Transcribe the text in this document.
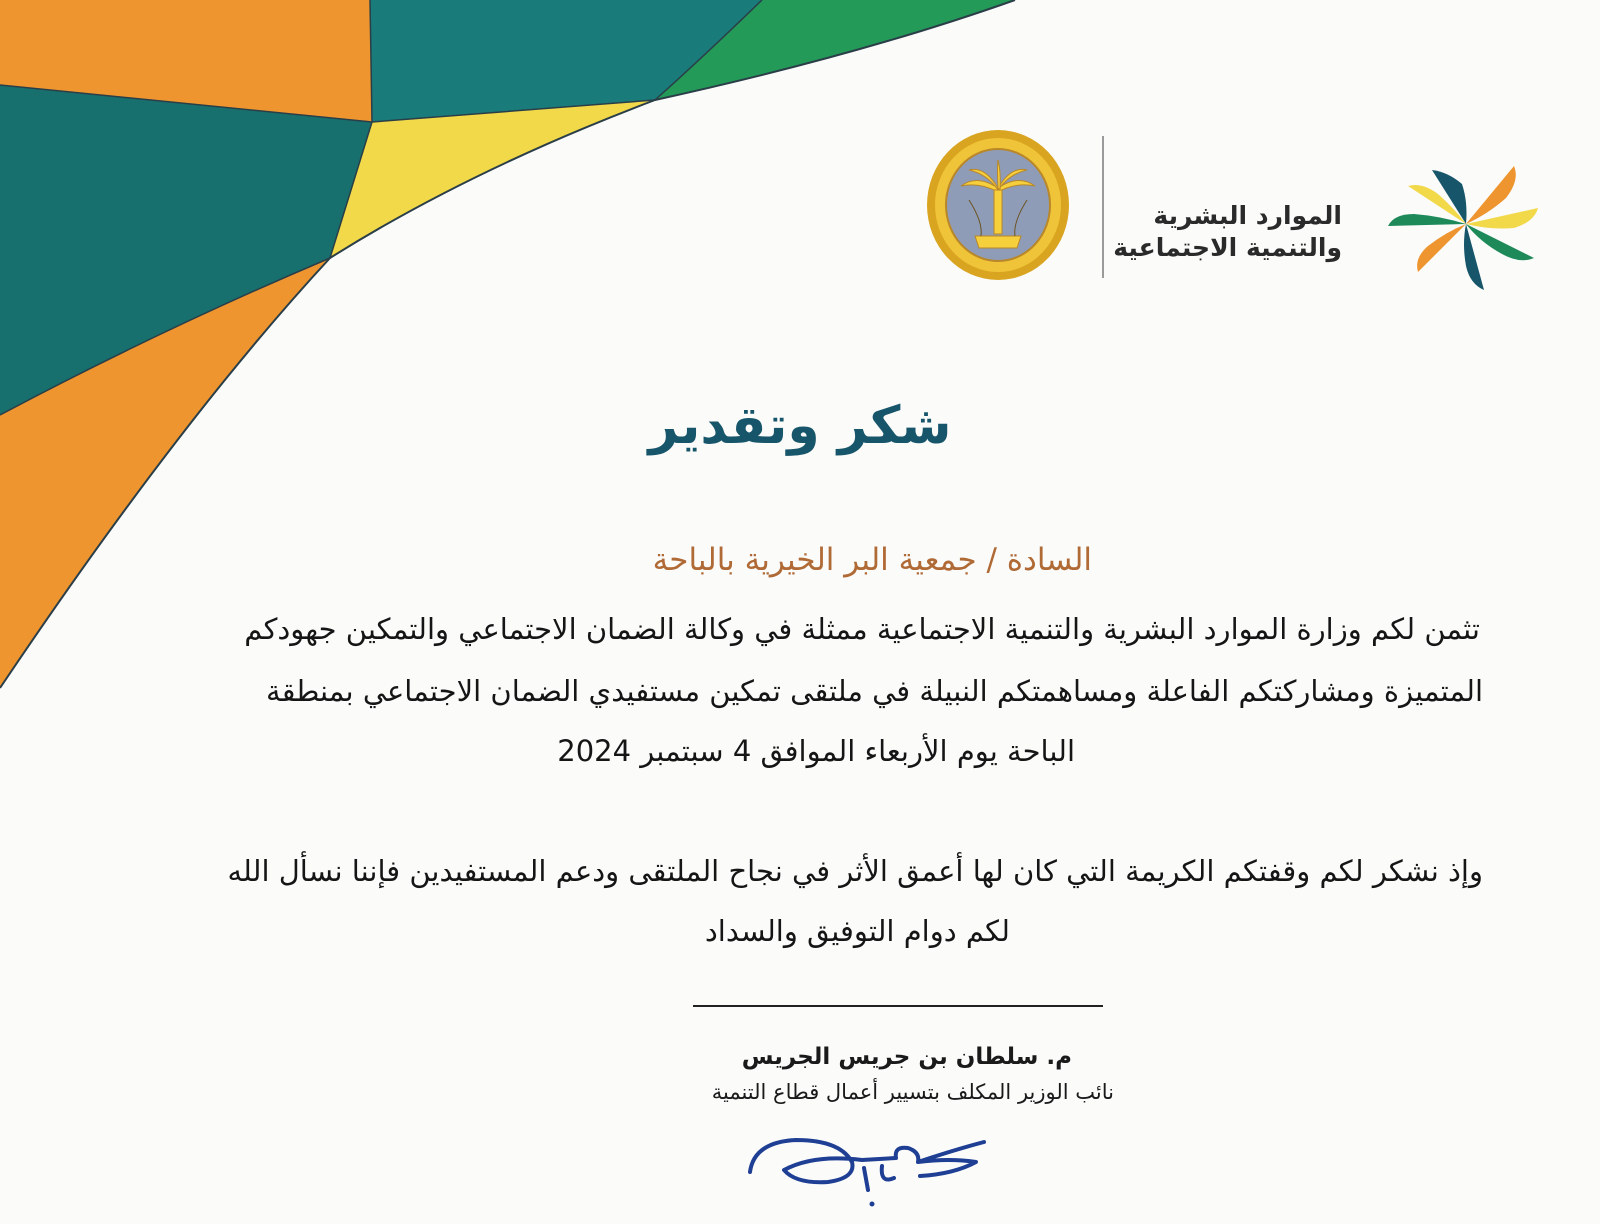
الموارد البشرية
والتنمية الاجتماعية
شكر وتقدير
السادة / جمعية البر الخيرية بالباحة
تثمن لكم وزارة الموارد البشرية والتنمية الاجتماعية ممثلة في وكالة الضمان الاجتماعي والتمكين جهودكم
المتميزة ومشاركتكم الفاعلة ومساهمتكم النبيلة في ملتقى تمكين مستفيدي الضمان الاجتماعي بمنطقة
الباحة يوم الأربعاء الموافق 4 سبتمبر 2024
وإذ نشكر لكم وقفتكم الكريمة التي كان لها أعمق الأثر في نجاح الملتقى ودعم المستفيدين فإننا نسأل الله
لكم دوام التوفيق والسداد
م. سلطان بن جريس الجريس
نائب الوزير المكلف بتسيير أعمال قطاع التنمية
